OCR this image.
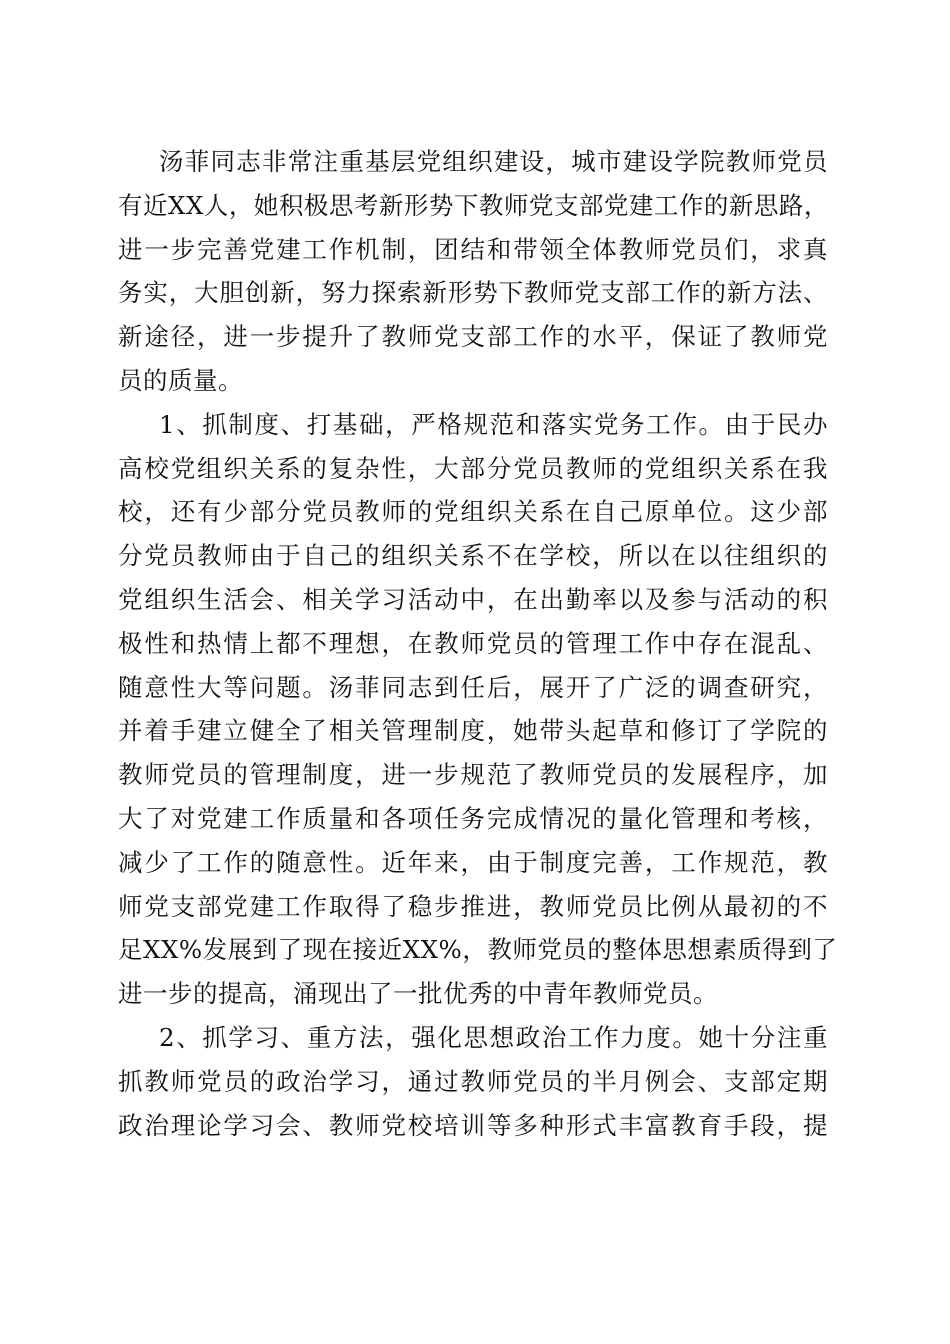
汤菲同志非常注重基层党组织建设，城市建设学院教师党员
有近XX人，她积极思考新形势下教师党支部党建工作的新思路，
进一步完善党建工作机制，团结和带领全体教师党员们，求真
务实，大胆创新，努力探索新形势下教师党支部工作的新方法、
新途径，进一步提升了教师党支部工作的水平，保证了教师党
员的质量。
1、抓制度、打基础，严格规范和落实党务工作。由于民办
高校党组织关系的复杂性，大部分党员教师的党组织关系在我
校，还有少部分党员教师的党组织关系在自己原单位。这少部
分党员教师由于自己的组织关系不在学校，所以在以往组织的
党组织生活会、相关学习活动中，在出勤率以及参与活动的积
极性和热情上都不理想，在教师党员的管理工作中存在混乱、
随意性大等问题。汤菲同志到任后，展开了广泛的调查研究，
并着手建立健全了相关管理制度，她带头起草和修订了学院的
教师党员的管理制度，进一步规范了教师党员的发展程序，加
大了对党建工作质量和各项任务完成情况的量化管理和考核，
减少了工作的随意性。近年来，由于制度完善，工作规范，教
师党支部党建工作取得了稳步推进，教师党员比例从最初的不
足XX%发展到了现在接近XX%，教师党员的整体思想素质得到了
进一步的提高，涌现出了一批优秀的中青年教师党员。
2、抓学习、重方法，强化思想政治工作力度。她十分注重
抓教师党员的政治学习，通过教师党员的半月例会、支部定期
政治理论学习会、教师党校培训等多种形式丰富教育手段，提
